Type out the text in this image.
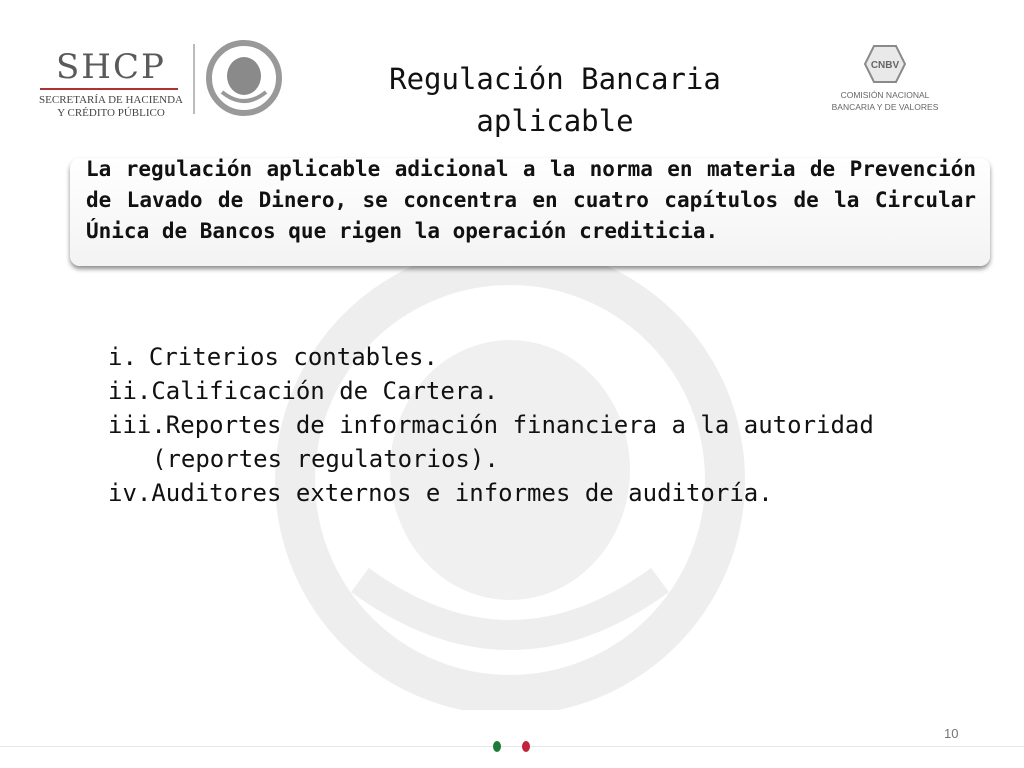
SHCP
SECRETARÍA DE HACIENDA
Y CRÉDITO PÚBLICO
Regulación Bancaria aplicable
CNBV
COMISIÓN NACIONAL
BANCARIA Y DE VALORES
La regulación aplicable adicional a la norma en materia de Prevención de Lavado de Dinero, se concentra en cuatro capítulos de la Circular Única de Bancos que rigen la operación crediticia.
i. Criterios contables.
ii. Calificación de Cartera.
iii.Reportes de información financiera a la autoridad (reportes regulatorios).
iv. Auditores externos e informes de auditoría.
10
